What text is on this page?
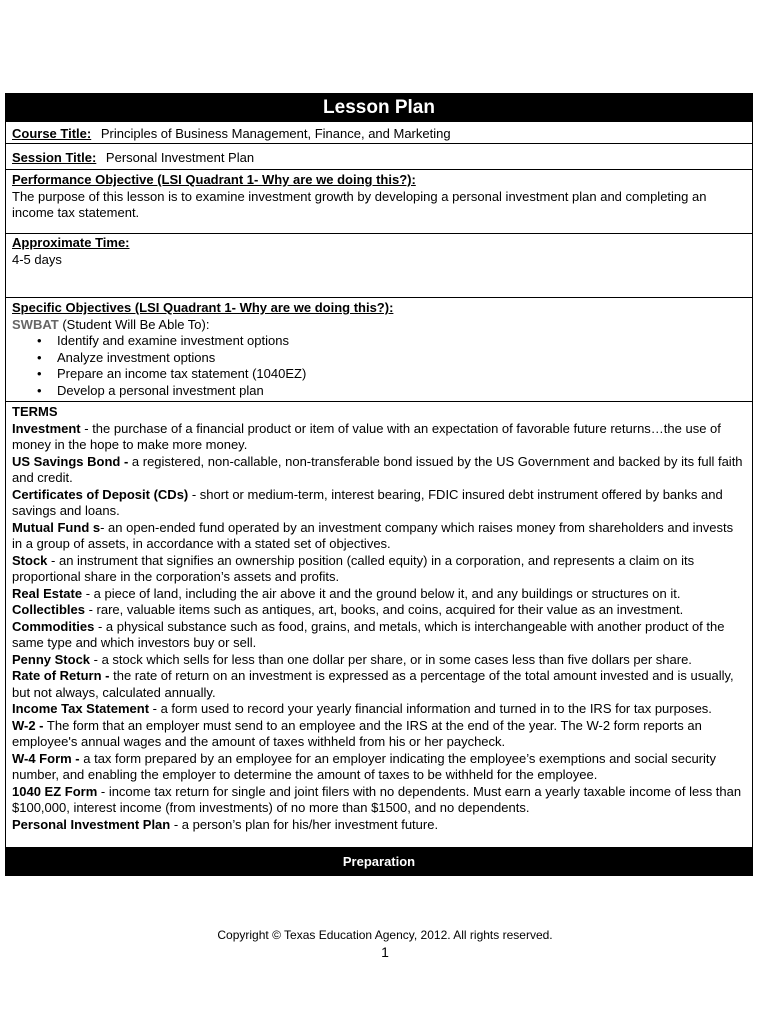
Lesson Plan
Course Title: Principles of Business Management, Finance, and Marketing
Session Title: Personal Investment Plan
Performance Objective (LSI Quadrant 1- Why are we doing this?):
The purpose of this lesson is to examine investment growth by developing a personal investment plan and completing an income tax statement.
Approximate Time:
4-5 days
Specific Objectives (LSI Quadrant 1- Why are we doing this?):
SWBAT (Student Will Be Able To):
• Identify and examine investment options
• Analyze investment options
• Prepare an income tax statement (1040EZ)
• Develop a personal investment plan
TERMS
Investment - the purchase of a financial product or item of value with an expectation of favorable future returns…the use of money in the hope to make more money.
US Savings Bond - a registered, non-callable, non-transferable bond issued by the US Government and backed by its full faith and credit.
Certificates of Deposit (CDs) - short or medium-term, interest bearing, FDIC insured debt instrument offered by banks and savings and loans.
Mutual Fund s- an open-ended fund operated by an investment company which raises money from shareholders and invests in a group of assets, in accordance with a stated set of objectives.
Stock - an instrument that signifies an ownership position (called equity) in a corporation, and represents a claim on its proportional share in the corporation’s assets and profits.
Real Estate - a piece of land, including the air above it and the ground below it, and any buildings or structures on it.
Collectibles - rare, valuable items such as antiques, art, books, and coins, acquired for their value as an investment.
Commodities - a physical substance such as food, grains, and metals, which is interchangeable with another product of the same type and which investors buy or sell.
Penny Stock - a stock which sells for less than one dollar per share, or in some cases less than five dollars per share.
Rate of Return - the rate of return on an investment is expressed as a percentage of the total amount invested and is usually, but not always, calculated annually.
Income Tax Statement - a form used to record your yearly financial information and turned in to the IRS for tax purposes.
W-2 - The form that an employer must send to an employee and the IRS at the end of the year. The W-2 form reports an employee's annual wages and the amount of taxes withheld from his or her paycheck.
W-4 Form - a tax form prepared by an employee for an employer indicating the employee’s exemptions and social security number, and enabling the employer to determine the amount of taxes to be withheld for the employee.
1040 EZ Form - income tax return for single and joint filers with no dependents. Must earn a yearly taxable income of less than $100,000, interest income (from investments) of no more than $1500, and no dependents.
Personal Investment Plan - a person’s plan for his/her investment future.
Preparation
Copyright © Texas Education Agency, 2012. All rights reserved.
1
